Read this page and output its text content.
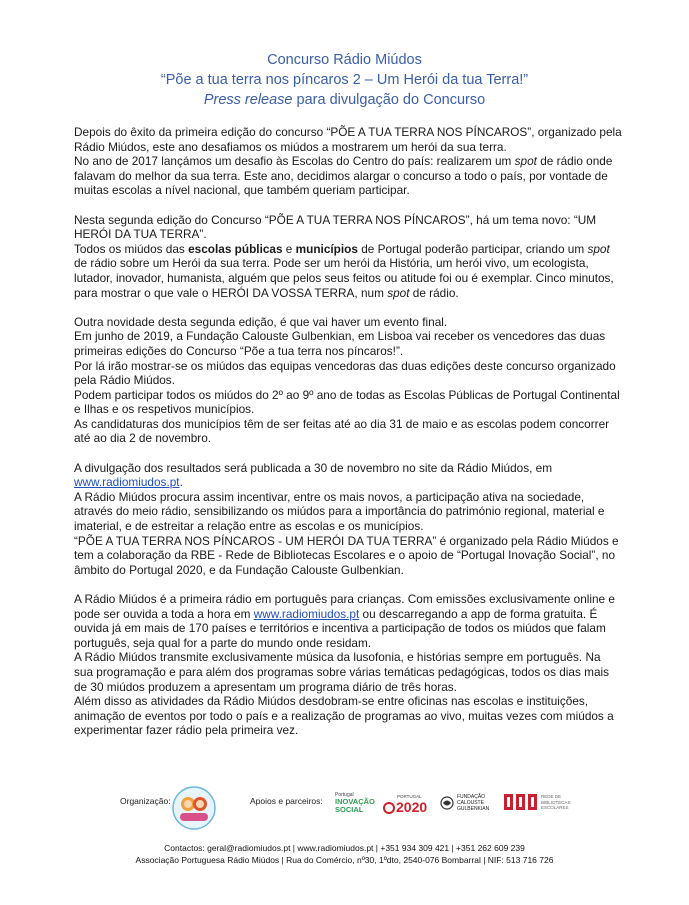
Concurso Rádio Miúdos
“Põe a tua terra nos píncaros 2 – Um Herói da tua Terra!”
Press release para divulgação do Concurso

Depois do êxito da primeira edição do concurso “PÕE A TUA TERRA NOS PÍNCAROS”, organizado pela Rádio Miúdos, este ano desafiamos os miúdos a mostrarem um herói da sua terra.

No ano de 2017 lançámos um desafio às Escolas do Centro do país: realizarem um spot de rádio onde falavam do melhor da sua terra. Este ano, decidimos alargar o concurso a todo o país, por vontade de muitas escolas a nível nacional, que também queriam participar.

Nesta segunda edição do Concurso “PÕE A TUA TERRA NOS PÍNCAROS”, há um tema novo: “UM HERÓI DA TUA TERRA”.

Todos os miúdos das escolas públicas e municípios de Portugal poderão participar, criando um spot de rádio sobre um Herói da sua terra. Pode ser um herói da História, um herói vivo, um ecologista, lutador, inovador, humanista, alguém que pelos seus feitos ou atitude foi ou é exemplar. Cinco minutos, para mostrar o que vale o HERÓI DA VOSSA TERRA, num spot de rádio.

Outra novidade desta segunda edição, é que vai haver um evento final.

Em junho de 2019, a Fundação Calouste Gulbenkian, em Lisboa vai receber os vencedores das duas primeiras edições do Concurso “Põe a tua terra nos píncaros!”.

Por lá irão mostrar-se os miúdos das equipas vencedoras das duas edições deste concurso organizado pela Rádio Miúdos.

Podem participar todos os miúdos do 2º ao 9º ano de todas as Escolas Públicas de Portugal Continental e Ilhas e os respetivos municípios.

As candidaturas dos municípios têm de ser feitas até ao dia 31 de maio e as escolas podem concorrer até ao dia 2 de novembro.

A divulgação dos resultados será publicada a 30 de novembro no site da Rádio Miúdos, em
www.radiomiudos.pt.

A Rádio Miúdos procura assim incentivar, entre os mais novos, a participação ativa na sociedade, através do meio rádio, sensibilizando os miúdos para a importância do património regional, material e imaterial, e de estreitar a relação entre as escolas e os municípios.

“PÕE A TUA TERRA NOS PÍNCAROS - UM HERÓI DA TUA TERRA” é organizado pela Rádio Miúdos e tem a colaboração da RBE - Rede de Bibliotecas Escolares e o apoio de “Portugal Inovação Social”, no âmbito do Portugal 2020, e da Fundação Calouste Gulbenkian.

A Rádio Miúdos é a primeira rádio em português para crianças. Com emissões exclusivamente online e pode ser ouvida a toda a hora em www.radiomiudos.pt ou descarregando a app de forma gratuita. É ouvida já em mais de 170 países e territórios e incentiva a participação de todos os miúdos que falam português, seja qual for a parte do mundo onde residam.

A Rádio Miúdos transmite exclusivamente música da lusofonia, e histórias sempre em português. Na sua programação e para além dos programas sobre várias temáticas pedagógicas, todos os dias mais de 30 miúdos produzem a apresentam um programa diário de três horas.

Além disso as atividades da Rádio Miúdos desdobram-se entre oficinas nas escolas e instituições, animação de eventos por todo o país e a realização de programas ao vivo, muitas vezes com miúdos a experimentar fazer rádio pela primeira vez.

Organização:	Apoios e parceiros:
Portugal
INOVAÇÃO
SOCIAL
PORTUGAL
2020
FUNDAÇÃO
CALOUSTE
GULBENKIAN
REDE DE
BIBLIOTECAS
ESCOLARES
Contactos: geral@radiomiudos.pt | www.radiomiudos.pt | +351 934 309 421 | +351 262 609 239
Associação Portuguesa Rádio Miúdos | Rua do Comércio, nº30, 1ºdto, 2540-076 Bombarral | NIF: 513 716 726
